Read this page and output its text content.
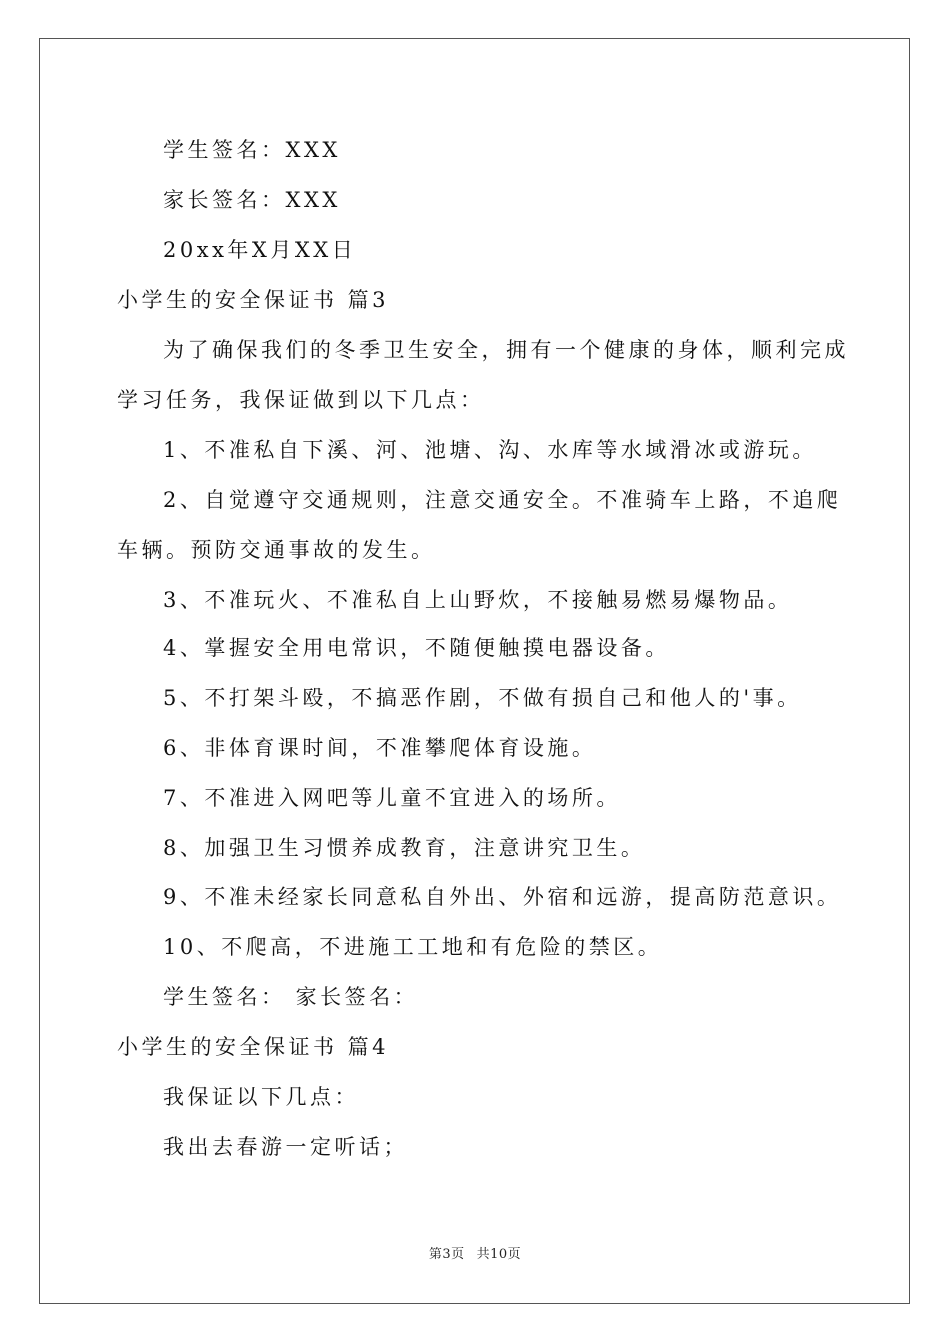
学生签名：XXX
家长签名：XXX
20xx年X月XX日
小学生的安全保证书 篇3
为了确保我们的冬季卫生安全，拥有一个健康的身体，顺利完成
学习任务，我保证做到以下几点：
1、不准私自下溪、河、池塘、沟、水库等水域滑冰或游玩。
2、自觉遵守交通规则，注意交通安全。不准骑车上路，不追爬
车辆。预防交通事故的发生。
3、不准玩火、不准私自上山野炊，不接触易燃易爆物品。
4、掌握安全用电常识，不随便触摸电器设备。
5、不打架斗殴，不搞恶作剧，不做有损自己和他人的'事。
6、非体育课时间，不准攀爬体育设施。
7、不准进入网吧等儿童不宜进入的场所。
8、加强卫生习惯养成教育，注意讲究卫生。
9、不准未经家长同意私自外出、外宿和远游，提高防范意识。
10、不爬高，不进施工工地和有危险的禁区。
学生签名： 家长签名：
小学生的安全保证书 篇4
我保证以下几点：
我出去春游一定听话；
第3页 共10页
